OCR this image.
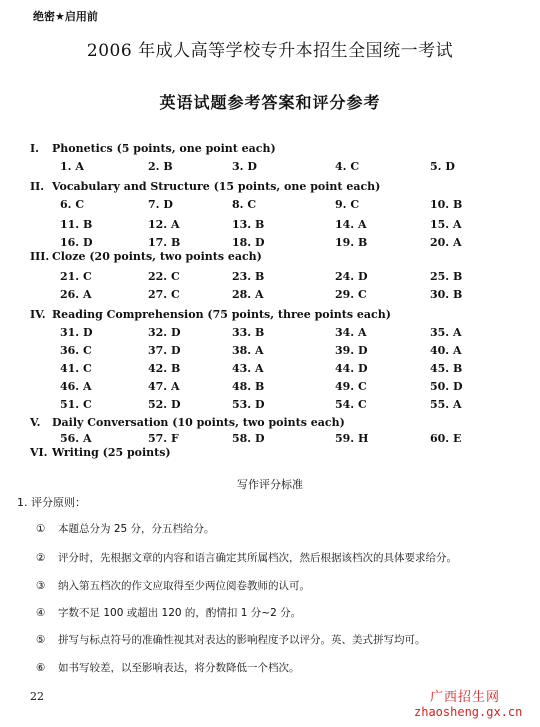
绝密★启用前
2006 年成人高等学校专升本招生全国统一考试
英语试题参考答案和评分参考
I. Phonetics (5 points, one point each)
II. Vocabulary and Structure (15 points, one point each)
III. Cloze (20 points, two points each)
IV. Reading Comprehension (75 points, three points each)
V. Daily Conversation (10 points, two points each)
VI. Writing (25 points)
1. A	2. B	3. D	4. C	5. D
6. C	7. D	8. C	9. C	10. B
11. B	12. A	13. B	14. A	15. A
16. D	17. B	18. D	19. B	20. A
21. C	22. C	23. B	24. D	25. B
26. A	27. C	28. A	29. C	30. B
31. D	32. D	33. B	34. A	35. A
36. C	37. D	38. A	39. D	40. A
41. C	42. B	43. A	44. D	45. B
46. A	47. A	48. B	49. C	50. D
51. C	52. D	53. D	54. C	55. A
56. A	57. F	58. D	59. H	60. E
写作评分标准
1. 评分原则：
① 本题总分为 25 分，分五档给分。
② 评分时，先根据文章的内容和语言确定其所属档次，然后根据该档次的具体要求给分。
③ 纳入第五档次的作文应取得至少两位阅卷教师的认可。
④ 字数不足 100 或超出 120 的，酌情扣 1 分~2 分。
⑤ 拼写与标点符号的准确性视其对表达的影响程度予以评分。英、美式拼写均可。
⑥ 如书写较差，以至影响表达，将分数降低一个档次。
22	广西招生网
zhaosheng.gx.cn
